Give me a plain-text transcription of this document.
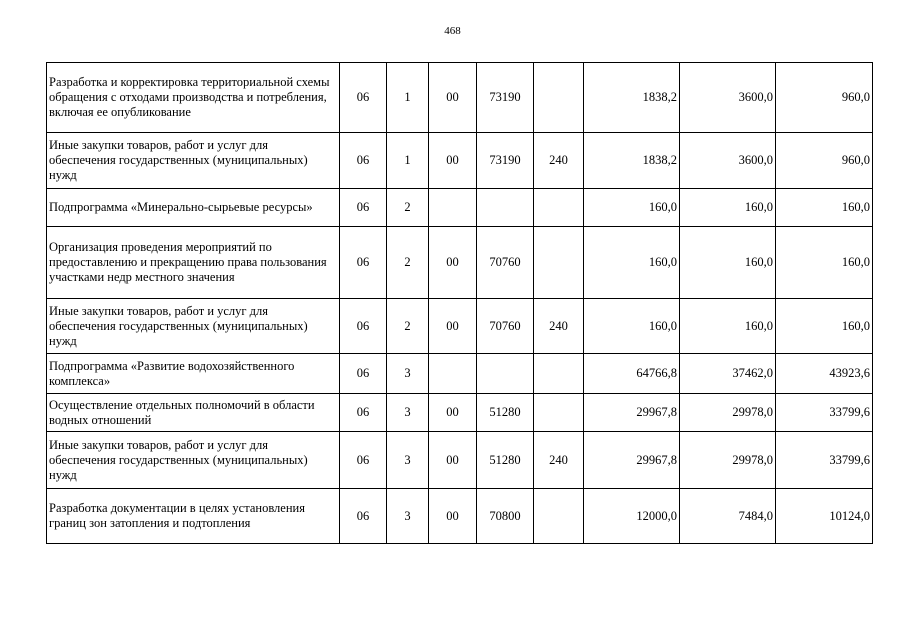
468
Разработка и корректировка территориальной схемы обращения с отходами производства и потребления, включая ее опубликование	06	1	00	73190		1838,2	3600,0	960,0
Иные закупки товаров, работ и услуг для обеспечения государственных (муниципальных) нужд	06	1	00	73190	240	1838,2	3600,0	960,0
Подпрограмма «Минерально-сырьевые ресурсы»	06	2				160,0	160,0	160,0
Организация проведения мероприятий по предоставлению и прекращению права пользования участками недр местного значения	06	2	00	70760		160,0	160,0	160,0
Иные закупки товаров, работ и услуг для обеспечения государственных (муниципальных) нужд	06	2	00	70760	240	160,0	160,0	160,0
Подпрограмма «Развитие водохозяйственного комплекса»	06	3				64766,8	37462,0	43923,6
Осуществление отдельных полномочий в области водных отношений	06	3	00	51280		29967,8	29978,0	33799,6
Иные закупки товаров, работ и услуг для обеспечения государственных (муниципальных) нужд	06	3	00	51280	240	29967,8	29978,0	33799,6
Разработка документации в целях установления границ зон затопления и подтопления	06	3	00	70800		12000,0	7484,0	10124,0
